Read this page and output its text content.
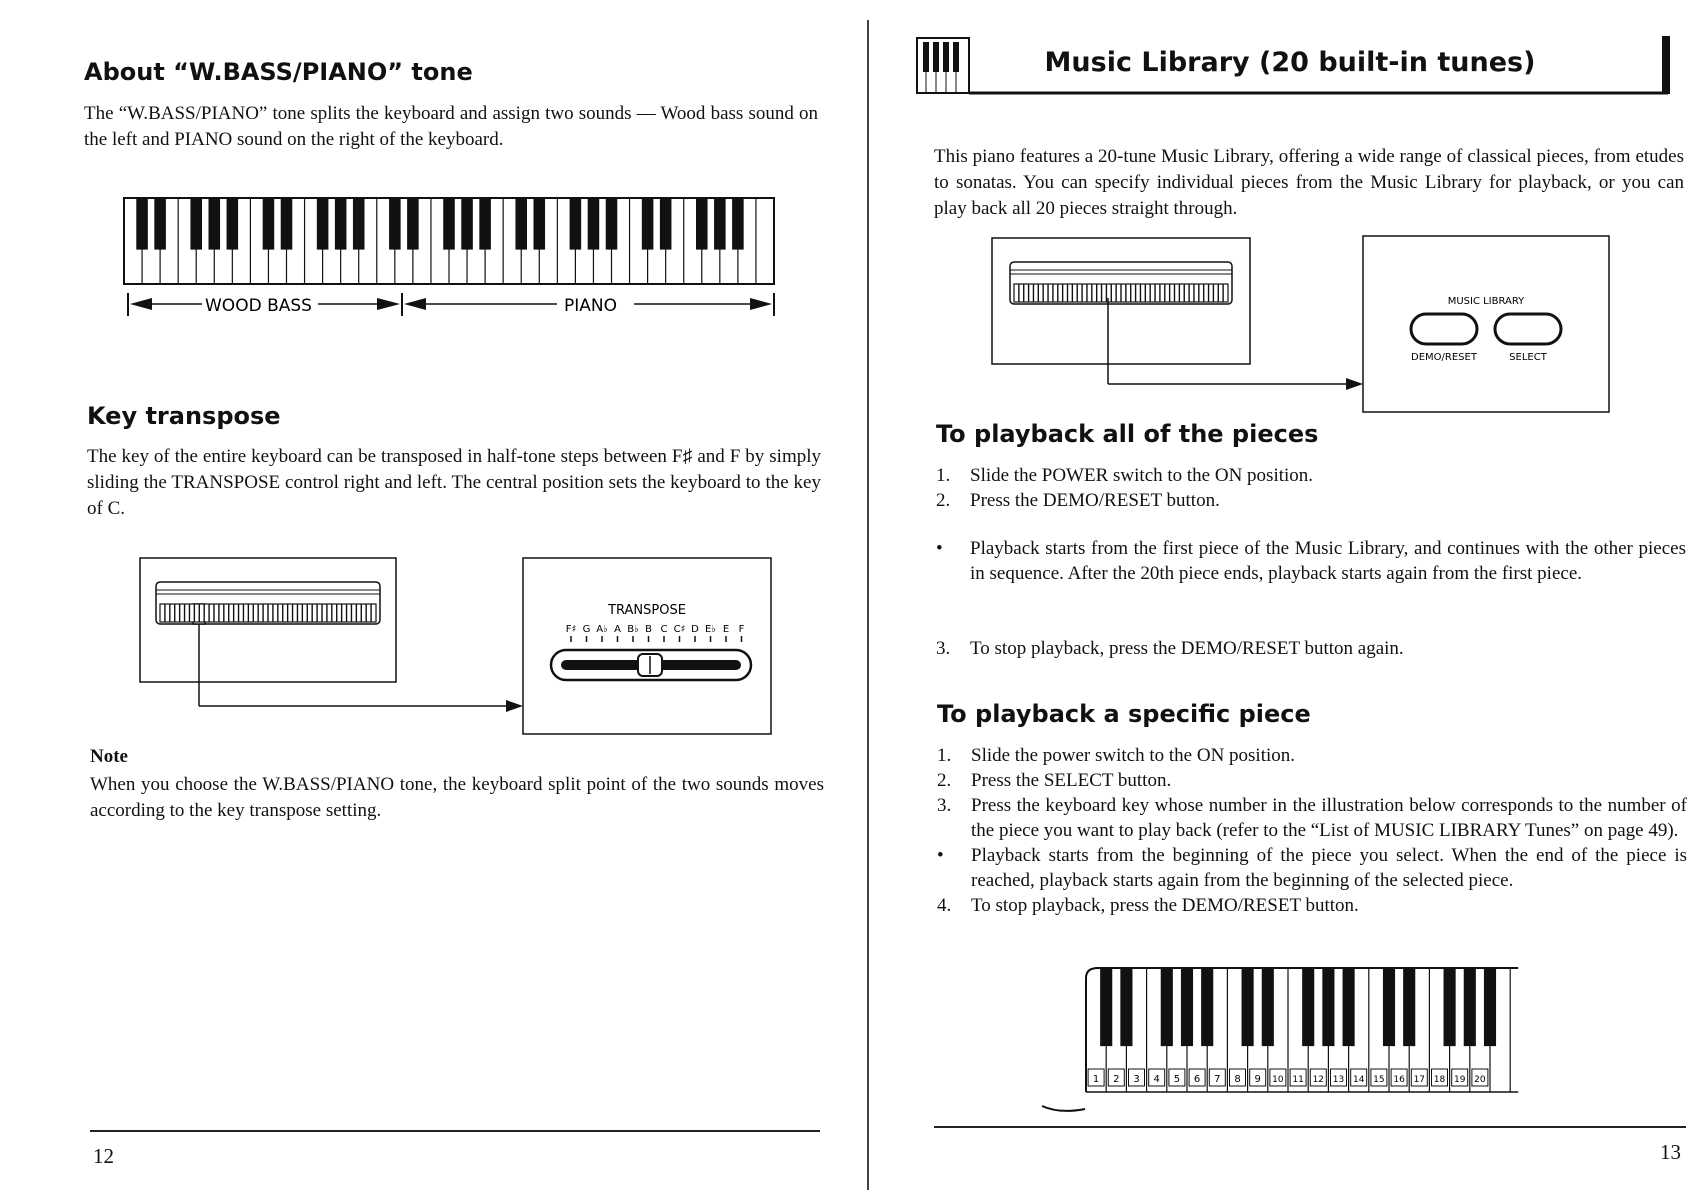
About “W.BASS/PIANO” tone

The “W.BASS/PIANO” tone splits the keyboard and assign two sounds — Wood bass sound on the left and PIANO sound on the right of the keyboard.

WOOD BASS	PIANO
Key transpose

The key of the entire keyboard can be transposed in half-tone steps between F♯ and F by simply sliding the TRANSPOSE control right and left. The central position sets the keyboard to the key of C.

TRANSPOSE
F♯ G A♭ A B♭ B C C♯ D E♭ E F

Note

When you choose the W.BASS/PIANO tone, the keyboard split point of the two sounds moves according to the key transpose setting.

12
Music Library (20 built-in tunes)

This piano features a 20-tune Music Library, offering a wide range of classical pieces, from etudes to sonatas. You can specify individual pieces from the Music Library for playback, or you can play back all 20 pieces straight through.

MUSIC LIBRARY
DEMO/RESET	SELECT
To playback all of the pieces
1. Slide the POWER switch to the ON position.
2. Press the DEMO/RESET button.
• Playback starts from the first piece of the Music Library, and continues with the other pieces in sequence. After the 20th piece ends, playback starts again from the first piece.
3. To stop playback, press the DEMO/RESET button again.
To playback a specific piece
1. Slide the power switch to the ON position.
2. Press the SELECT button.
3. Press the keyboard key whose number in the illustration below corresponds to the number of the piece you want to play back (refer to the “List of MUSIC LIBRARY Tunes” on page 49).
• Playback starts from the beginning of the piece you select. When the end of the piece is reached, playback starts again from the beginning of the selected piece.
4. To stop playback, press the DEMO/RESET button.
1 2 3 4 5 6 7 8 9 10 11 12 13 14 15 16 17 18 19 20
13
